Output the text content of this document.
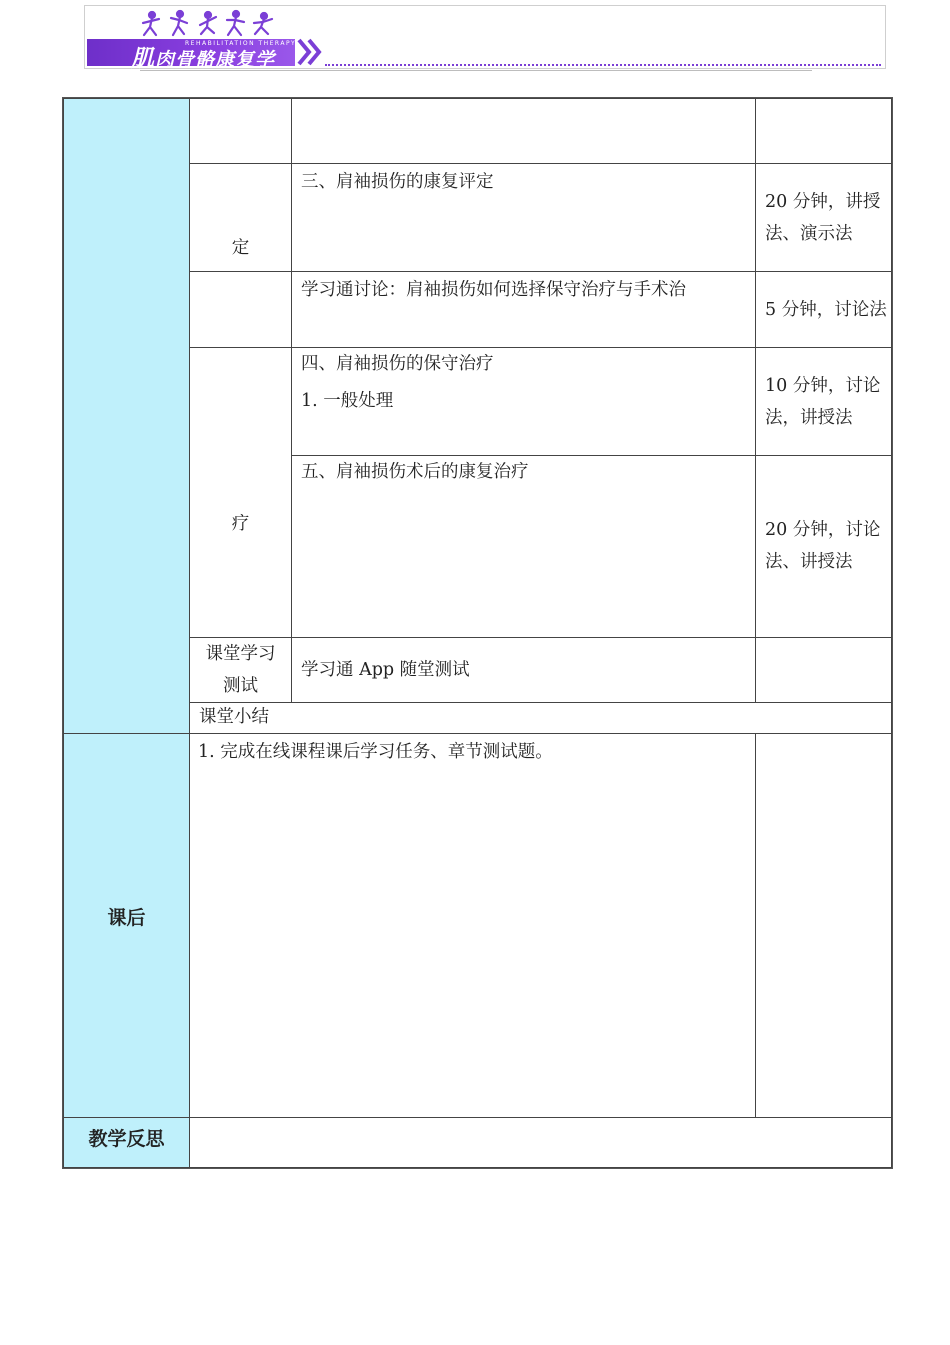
肌肉骨骼康复学
REHABILITATION THERAPY
课后
教学反思
定
三、肩袖损伤的康复评定
20 分钟，讲授
法、演示法
学习通讨论：肩袖损伤如何选择保守治疗与手术治
5 分钟，讨论法
疗
四、肩袖损伤的保守治疗
1. 一般处理
10 分钟，讨论
法，讲授法
五、肩袖损伤术后的康复治疗
20 分钟，讨论
法、讲授法
课堂学习
测试
学习通 App 随堂测试
课堂小结
1. 完成在线课程课后学习任务、章节测试题。
